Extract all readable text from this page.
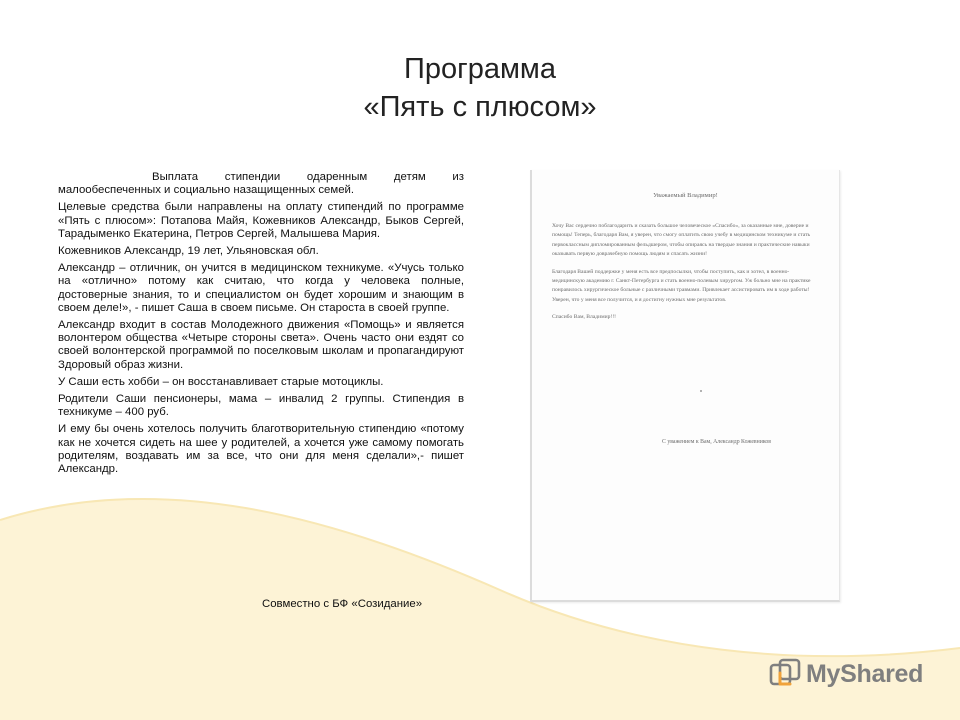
Программа
«Пять с плюсом»

Выплата стипендии одаренным детям из малообеспеченных и социально назащищенных семей.

Целевые средства были направлены на оплату стипендий по программе «Пять с плюсом»: Потапова Майя, Кожевников Александр, Быков Сергей, Тарадыменко Екатерина, Петров Сергей, Малышева Мария.

Кожевников Александр, 19 лет, Ульяновская обл.

Александр – отличник, он учится в медицинском техникуме. «Учусь только на «отлично» потому как считаю, что когда у человека полные, достоверные знания, то и специалистом он будет хорошим и знающим в своем деле!», - пишет Саша в своем письме. Он староста в своей группе.

Александр входит в состав Молодежного движения «Помощь» и является волонтером общества «Четыре стороны света». Очень часто они ездят со своей волонтерской программой по поселковым школам и пропагандируют Здоровый образ жизни.

У Саши есть хобби – он восстанавливает старые мотоциклы.

Родители Саши пенсионеры, мама – инвалид 2 группы. Стипендия в техникуме – 400 руб.

И ему бы очень хотелось получить благотворительную стипендию «потому как не хочется сидеть на шее у родителей, а хочется уже самому помогать родителям, воздавать им за все, что они для меня сделали»,- пишет Александр.

Совместно с БФ «Созидание»
Уважаемый Владимир!

Хочу Вас сердечно поблагодарить и сказать большое человеческое «Спасибо», за оказанные мне, доверие и помощь! Теперь, благодаря Вам, я уверен, что смогу оплатить свою учебу в медицинском техникуме и стать первоклассным дипломированным фельдшером, чтобы опираясь на твердые знания и практические навыки оказывать первую доврачебную помощь людям и спасать жизни!

Благодаря Вашей поддержке у меня есть все предпосылки, чтобы поступить, как и хотел, в военно-медицинскую академию г. Санкт-Петербурга и стать военно-полевым хирургом. Уж больно мне на практике понравилось хирургическое больные с различными травмами. Привлекает ассистировать им в ходе работы! Уверен, что у меня все получится, и я достигну нужных мне результатов.

Спасибо Вам, Владимир!!!

С уважением к Вам, Александр Кожевников
MyShared
